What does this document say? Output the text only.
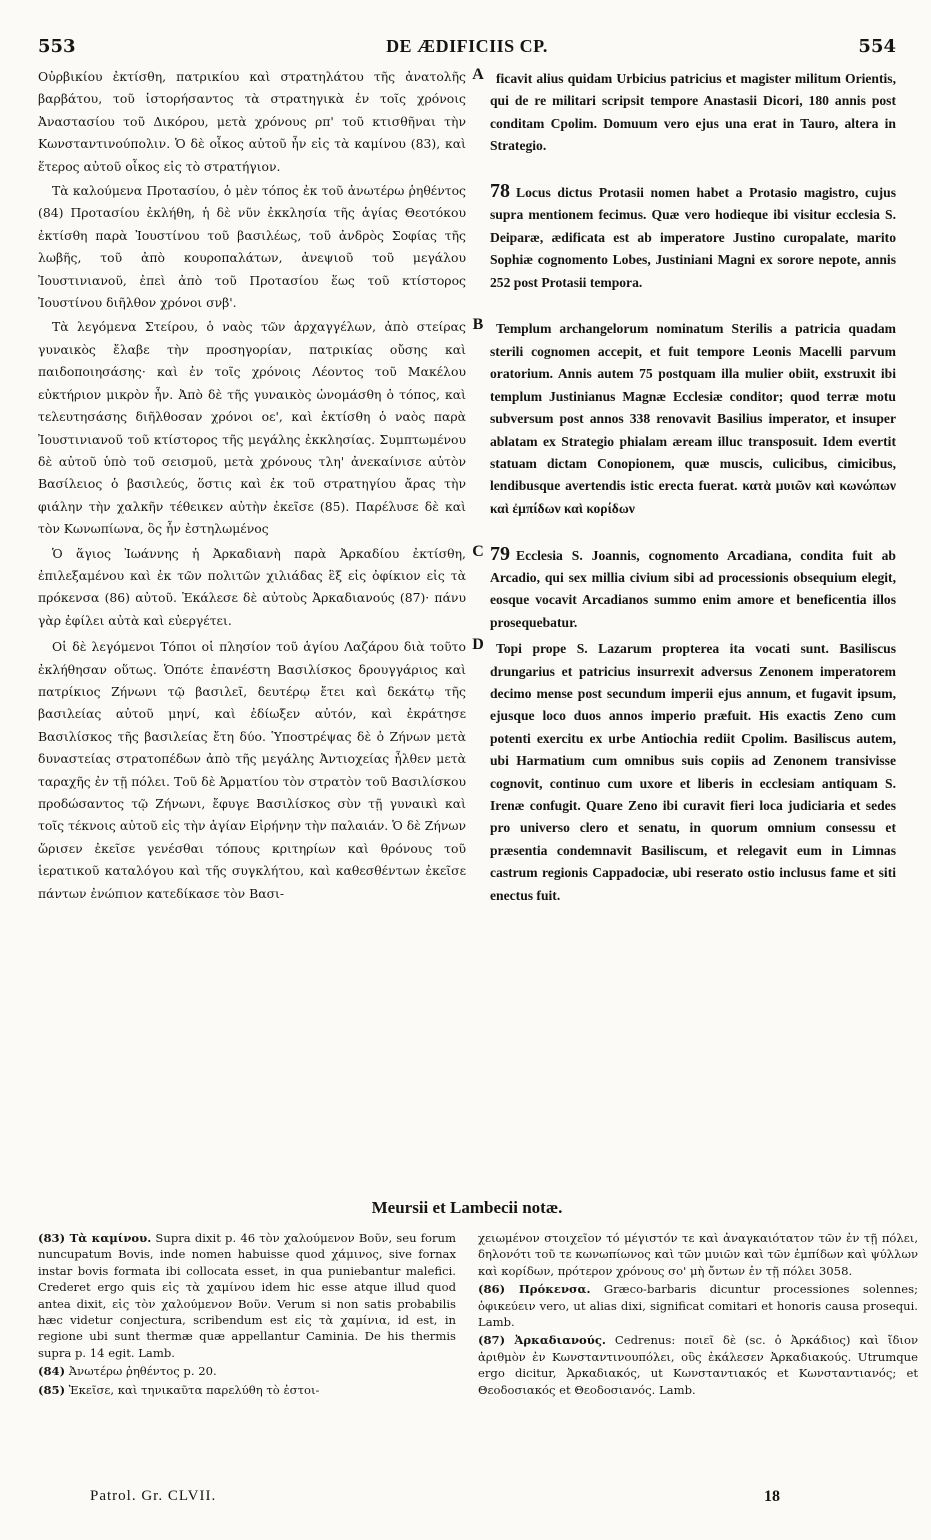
553	DE ÆDIFICIIS CP.	554
Οὐρβικίου ἐκτίσθη, πατρικίου καὶ στρατηλάτου τῆς ἀνατολῆς βαρβάτου, τοῦ ἱστορήσαντος τὰ στρατηγικὰ ἐν τοῖς χρόνοις Ἀναστασίου τοῦ Δικόρου, μετὰ χρόνους ρπ' τοῦ κτισθῆναι τὴν Κωνσταντινούπολιν. Ὁ δὲ οἶκος αὐτοῦ ἦν εἰς τὰ καμίνου (83), καὶ ἕτερος αὐτοῦ οἶκος εἰς τὸ στρατήγιον.
A ficavit alius quidam Urbicius patricius et magister militum Orientis, qui de re militari scripsit tempore Anastasii Dicori, 180 annis post conditam Cpolim. Domuum vero ejus una erat in Tauro, altera in Strategio.
Τὰ καλούμενα Προτασίου, ὁ μὲν τόπος ἐκ τοῦ ἀνωτέρω ῥηθέντος (84) Προτασίου ἐκλήθη, ἡ δὲ νῦν ἐκκλησία τῆς ἁγίας Θεοτόκου ἐκτίσθη παρὰ Ἰουστίνου τοῦ βασιλέως, τοῦ ἀνδρὸς Σοφίας τῆς λωβῆς, τοῦ ἀπὸ κουροπαλάτων, ἀνεψιοῦ τοῦ μεγάλου Ἰουστινιανοῦ, ἐπεὶ ἀπὸ τοῦ Προτασίου ἕως τοῦ κτίστορος Ἰουστίνου διῆλθον χρόνοι σνβ'.
78 Locus dictus Protasii nomen habet a Protasio magistro, cujus supra mentionem fecimus. Quæ vero hodieque ibi visitur ecclesia S. Deiparæ, ædificata est ab imperatore Justino curopalate, marito Sophiæ cognomento Lobes, Justiniani Magni ex sorore nepote, annis 252 post Protasii tempora.
Τὰ λεγόμενα Στείρου, ὁ ναὸς τῶν ἀρχαγγέλων, ἀπὸ στείρας γυναικὸς ἔλαβε τὴν προσηγορίαν, πατρικίας οὔσης καὶ παιδοποιησάσης· καὶ ἐν τοῖς χρόνοις Λέοντος τοῦ Μακέλου εὐκτήριον μικρὸν ἦν. Ἀπὸ δὲ τῆς γυναικὸς ὠνομάσθη ὁ τόπος, καὶ τελευτησάσης διῆλθοσαν χρόνοι οε', καὶ ἐκτίσθη ὁ ναὸς παρὰ Ἰουστινιανοῦ τοῦ κτίστορος τῆς μεγάλης ἐκκλησίας. Συμπτωμένου δὲ αὐτοῦ ὑπὸ τοῦ σεισμοῦ, μετὰ χρόνους τλη' ἀνεκαίνισε αὐτὸν Βασίλειος ὁ βασιλεύς, ὅστις καὶ ἐκ τοῦ στρατηγίου ἄρας τὴν φιάλην τὴν χαλκῆν τέθεικεν αὐτὴν ἐκεῖσε (85). Παρέλυσε δὲ καὶ τὸν Κωνωπίωνα, ὃς ἦν ἐστηλωμένος
B Templum archangelorum nominatum Sterilis a patricia quadam sterili cognomen accepit, et fuit tempore Leonis Macelli parvum oratorium. Annis autem 75 postquam illa mulier obiit, exstruxit ibi templum Justinianus Magnæ Ecclesiæ conditor; quod terræ motu subversum post annos 338 renovavit Basilius imperator, et insuper ablatam ex Strategio phialam æream illuc transposuit. Idem evertit statuam dictam Conopionem, quæ muscis, culicibus, cimicibus, lendibusque avertendis istic erecta fuerat. κατὰ μυιῶν καὶ κωνώπων καὶ ἐμπίδων καὶ κορίδων
Ὁ ἅγιος Ἰωάννης ἡ Ἀρκαδιανὴ παρὰ Ἀρκαδίου ἐκτίσθη, ἐπιλεξαμένου καὶ ἐκ τῶν πολιτῶν χιλιάδας ἓξ εἰς ὀφίκιον εἰς τὰ πρόκενσα (86) αὐτοῦ. Ἐκάλεσε δὲ αὐτοὺς Ἀρκαδιανούς (87)· πάνυ γὰρ ἐφίλει αὐτὰ καὶ εὐεργέτει.
C 79 Ecclesia S. Joannis, cognomento Arcadiana, condita fuit ab Arcadio, qui sex millia civium sibi ad processionis obsequium elegit, eosque vocavit Arcadianos summo enim amore et beneficentia illos prosequebatur.
Οἱ δὲ λεγόμενοι Τόποι οἱ πλησίον τοῦ ἁγίου Λαζάρου διὰ τοῦτο ἐκλήθησαν οὕτως. Ὁπότε ἐπανέστη Βασιλίσκος δρουγγάριος καὶ πατρίκιος Ζήνωνι τῷ βασιλεῖ, δευτέρῳ ἔτει καὶ δεκάτῳ τῆς βασιλείας αὐτοῦ μηνί, καὶ ἐδίωξεν αὐτόν, καὶ ἐκράτησε Βασιλίσκος τῆς βασιλείας ἔτη δύο. Ὑποστρέψας δὲ ὁ Ζήνων μετὰ δυναστείας στρατοπέδων ἀπὸ τῆς μεγάλης Ἀντιοχείας ἦλθεν μετὰ ταραχῆς ἐν τῇ πόλει. Τοῦ δὲ Ἀρματίου τὸν στρατὸν τοῦ Βασιλίσκου προδώσαντος τῷ Ζήνωνι, ἔφυγε Βασιλίσκος σὺν τῇ γυναικὶ καὶ τοῖς τέκνοις αὐτοῦ εἰς τὴν ἁγίαν Εἰρήνην τὴν παλαιάν. Ὁ δὲ Ζήνων ὥρισεν ἐκεῖσε γενέσθαι τόπους κριτηρίων καὶ θρόνους τοῦ ἱερατικοῦ καταλόγου καὶ τῆς συγκλήτου, καὶ καθεσθέντων ἐκεῖσε πάντων ἐνώπιον κατεδίκασε τὸν Βασι-
D Topi prope S. Lazarum propterea ita vocati sunt. Basiliscus drungarius et patricius insurrexit adversus Zenonem imperatorem decimo mense post secundum imperii ejus annum, et fugavit ipsum, ejusque loco duos annos imperio præfuit. His exactis Zeno cum potenti exercitu ex urbe Antiochia rediit Cpolim. Basiliscus autem, ubi Harmatium cum omnibus suis copiis ad Zenonem transivisse cognovit, continuo cum uxore et liberis in ecclesiam antiquam S. Irenæ confugit. Quare Zeno ibi curavit fieri loca judiciaria et sedes pro universo clero et senatu, in quorum omnium consessu et præsentia condemnavit Basiliscum, et relegavit eum in Limnas castrum regionis Cappadociæ, ubi reserato ostio inclusus fame et siti enectus fuit.
Meursii et Lambecii notæ.
(83) Τὰ καμίνου. Supra dixit p. 46 τὸν χαλούμενον Βοῦν, seu forum nuncupatum Bovis, inde nomen habuisse quod χάμινος, sive fornax instar bovis formata ibi collocata esset, in qua puniebantur malefici. Crederet ergo quis εἰς τὰ χαμίνου idem hic esse atque illud quod antea dixit, εἰς τὸν χαλούμενον Βοῦν. Verum si non satis probabilis hæc videtur conjectura, scribendum est εἰς τὰ χαμίνια, id est, in regione ubi sunt thermæ quæ appellantur Caminia. De his thermis supra p. 14 egit. Lamb.
(84) Ἀνωτέρω ῥηθέντος p. 20.
(85) Ἐκεῖσε, καὶ τηνικαῦτα παρελύθη τὸ ἐστοι-
χειωμένον στοιχεῖον τό μέγιστόν τε καὶ ἀναγκαιότατον τῶν ἐν τῇ πόλει, δηλονότι τοῦ τε κωνωπίωνος καὶ τῶν μυιῶν καὶ τῶν ἐμπίδων καὶ ψύλλων καὶ κορίδων, πρότερον χρόνους σο' μὴ ὄντων ἐν τῇ πόλει 3058.
(86) Πρόκενσα. Græco-barbaris dicuntur processiones solennes; ὀφικεύειν vero, ut alias dixi, significat comitari et honoris causa prosequi. Lamb.
(87) Ἀρκαδιανούς. Cedrenus: ποιεῖ δὲ (sc. ὁ Ἀρκάδιος) καὶ ἴδιον ἀριθμὸν ἐν Κωνσταντινουπόλει, οὓς ἐκάλεσεν Ἀρκαδιακούς. Utrumque ergo dicitur, Ἀρκαδιακός, ut Κωνσταντιακός et Κωνσταντιανός; et Θεοδοσιακός et Θεοδοσιανός. Lamb.
Patrol. Gr. CLVII.	18
